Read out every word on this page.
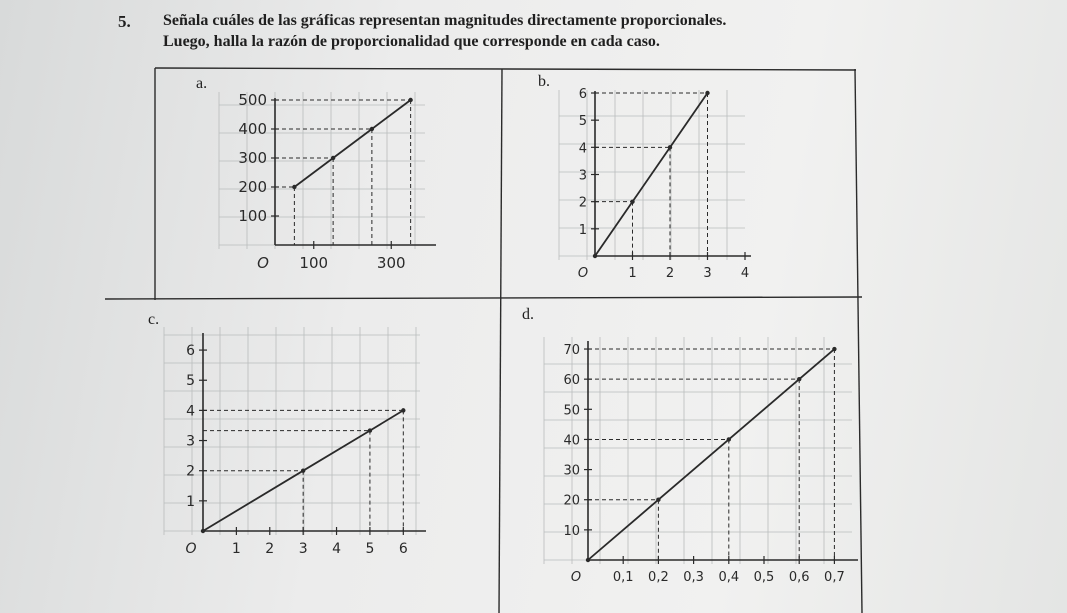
5. Señala cuáles de las gráficas representan magnitudes directamente proporcionales.
Luego, halla la razón de proporcionalidad que corresponde en cada caso.
a.	b.
c.	d.
100
200
300
400
500
100	300
O
1
2
3
4
5
6
1 2 3 4
O
1
2
3
4
5
6
1 2 3 4 5 6
O
10
20
30
40
50
60
70
0,1 0,2 0,3 0,4 0,5 0,6 0,7
O
